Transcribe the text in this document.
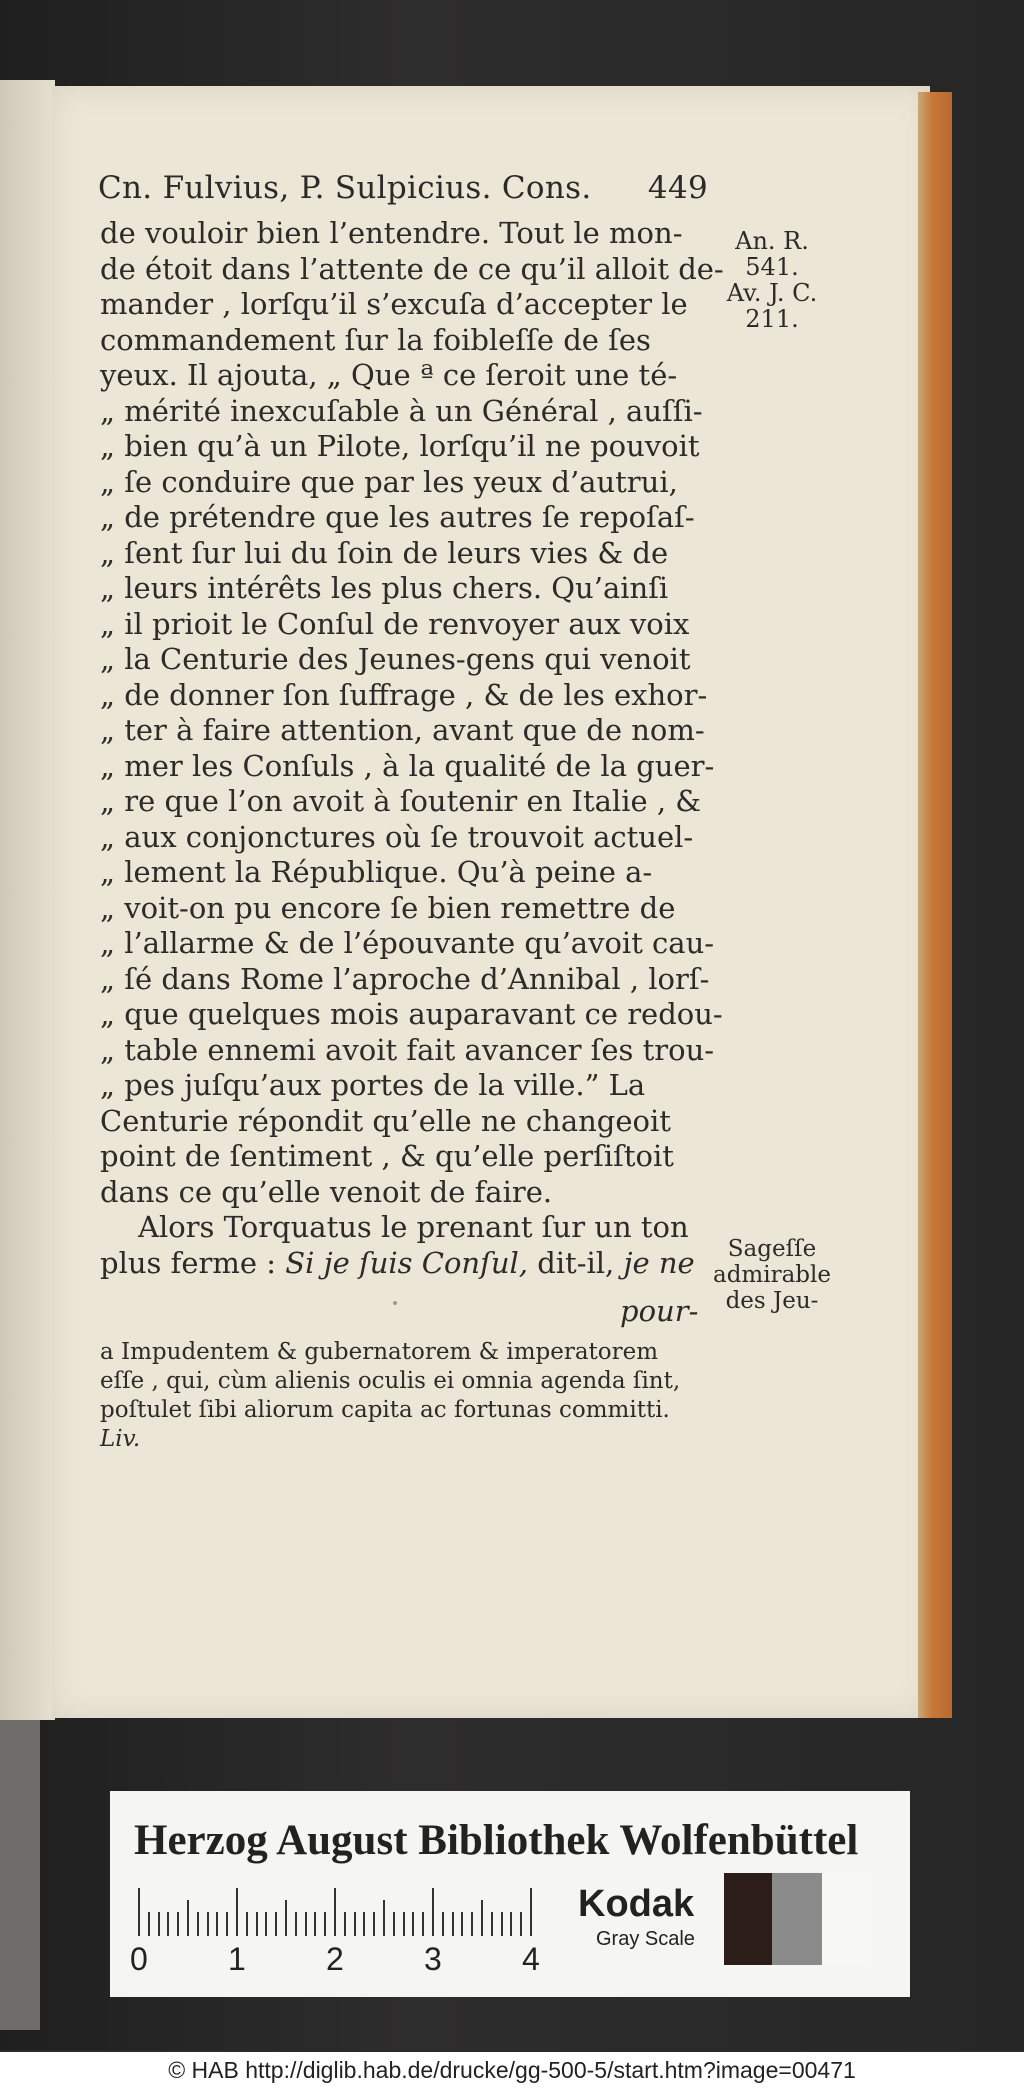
Cn. Fulvius, P. Sulpicius. Cons. 449
An. R.
541.
Av. J. C.
211.
de vouloir bien l’entendre. Tout le mon-
de étoit dans l’attente de ce qu’il alloit de-
mander , lorſqu’il s’excuſa d’accepter le
commandement ſur la foibleſſe de ſes
yeux. Il ajouta, „ Que ª ce ſeroit une té-
„ mérité inexcuſable à un Général , auſſi-
„ bien qu’à un Pilote, lorſqu’il ne pouvoit
„ ſe conduire que par les yeux d’autrui,
„ de prétendre que les autres ſe repoſaſ-
„ ſent ſur lui du ſoin de leurs vies & de
„ leurs intérêts les plus chers. Qu’ainſi
„ il prioit le Conſul de renvoyer aux voix
„ la Centurie des Jeunes-gens qui venoit
„ de donner ſon ſuffrage , & de les exhor-
„ ter à faire attention, avant que de nom-
„ mer les Conſuls , à la qualité de la guer-
„ re que l’on avoit à ſoutenir en Italie , &
„ aux conjonctures où ſe trouvoit actuel-
„ lement la République. Qu’à peine a-
„ voit-on pu encore ſe bien remettre de
„ l’allarme & de l’épouvante qu’avoit cau-
„ ſé dans Rome l’aproche d’Annibal , lorſ-
„ que quelques mois auparavant ce redou-
„ table ennemi avoit fait avancer ſes trou-
„ pes juſqu’aux portes de la ville.” La
Centurie répondit qu’elle ne changeoit
point de ſentiment , & qu’elle perſiſtoit
dans ce qu’elle venoit de faire.
Alors Torquatus le prenant ſur un ton
plus ferme : Si je ſuis Conſul, dit-il, je ne	Sageſſe
admirable
des Jeu-
pour-
a Impudentem & gubernatorem & imperatorem
eſſe , qui, cùm alienis oculis ei omnia agenda ſint,
poſtulet ſibi aliorum capita ac fortunas committi.
Liv.
Herzog August Bibliothek Wolfenbüttel
0	1	2	3	4
Kodak
Gray Scale
© HAB http://diglib.hab.de/drucke/gg-500-5/start.htm?image=00471
